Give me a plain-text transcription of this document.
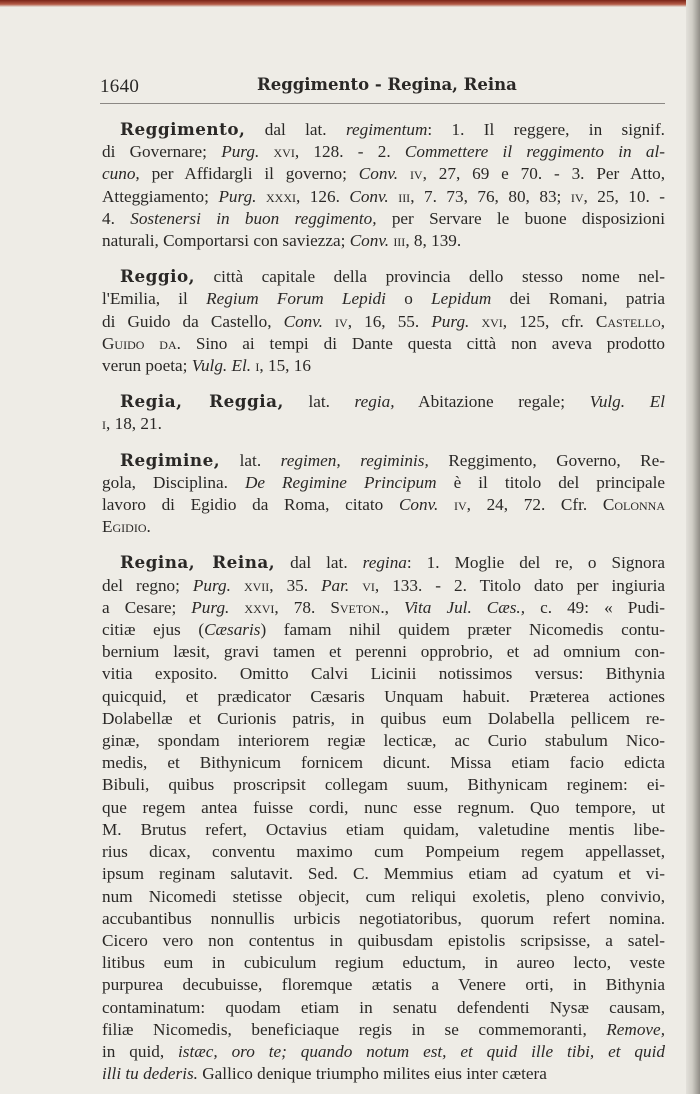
1640	Reggimento - Regina, Reina
Reggimento, dal lat. regimentum: 1. Il reggere, in signif.
di Governare; Purg. xvi, 128. - 2. Commettere il reggimento in al-
cuno, per Affidargli il governo; Conv. iv, 27, 69 e 70. - 3. Per Atto,
Atteggiamento; Purg. xxxi, 126. Conv. iii, 7. 73, 76, 80, 83; iv, 25, 10. -
4. Sostenersi in buon reggimento, per Servare le buone disposizioni
naturali, Comportarsi con saviezza; Conv. iii, 8, 139.
Reggio, città capitale della provincia dello stesso nome nel-
l'Emilia, il Regium Forum Lepidi o Lepidum dei Romani, patria
di Guido da Castello, Conv. iv, 16, 55. Purg. xvi, 125, cfr. Castello,
Guido da. Sino ai tempi di Dante questa città non aveva prodotto
verun poeta; Vulg. El. i, 15, 16
Regia, Reggia, lat. regia, Abitazione regale; Vulg. El
i, 18, 21.
Regimine, lat. regimen, regiminis, Reggimento, Governo, Re-
gola, Disciplina. De Regimine Principum è il titolo del principale
lavoro di Egidio da Roma, citato Conv. iv, 24, 72. Cfr. Colonna
Egidio.
Regina, Reina, dal lat. regina: 1. Moglie del re, o Signora
del regno; Purg. xvii, 35. Par. vi, 133. - 2. Titolo dato per ingiuria
a Cesare; Purg. xxvi, 78. Sveton., Vita Jul. Cæs., c. 49: « Pudi-
citiæ ejus (Cæsaris) famam nihil quidem præter Nicomedis contu-
bernium læsit, gravi tamen et perenni opprobrio, et ad omnium con-
vitia exposito. Omitto Calvi Licinii notissimos versus: Bithynia
quicquid, et prædicator Cæsaris Unquam habuit. Præterea actiones
Dolabellæ et Curionis patris, in quibus eum Dolabella pellicem re-
ginæ, spondam interiorem regiæ lecticæ, ac Curio stabulum Nico-
medis, et Bithynicum fornicem dicunt. Missa etiam facio edicta
Bibuli, quibus proscripsit collegam suum, Bithynicam reginem: ei-
que regem antea fuisse cordi, nunc esse regnum. Quo tempore, ut
M. Brutus refert, Octavius etiam quidam, valetudine mentis libe-
rius dicax, conventu maximo cum Pompeium regem appellasset,
ipsum reginam salutavit. Sed. C. Memmius etiam ad cyatum et vi-
num Nicomedi stetisse objecit, cum reliqui exoletis, pleno convivio,
accubantibus nonnullis urbicis negotiatoribus, quorum refert nomina.
Cicero vero non contentus in quibusdam epistolis scripsisse, a satel-
litibus eum in cubiculum regium eductum, in aureo lecto, veste
purpurea decubuisse, floremque ætatis a Venere orti, in Bithynia
contaminatum: quodam etiam in senatu defendenti Nysæ causam,
filiæ Nicomedis, beneficiaque regis in se commemoranti, Remove,
in quid, istæc, oro te; quando notum est, et quid ille tibi, et quid
illi tu dederis. Gallico denique triumpho milites eius inter cætera
